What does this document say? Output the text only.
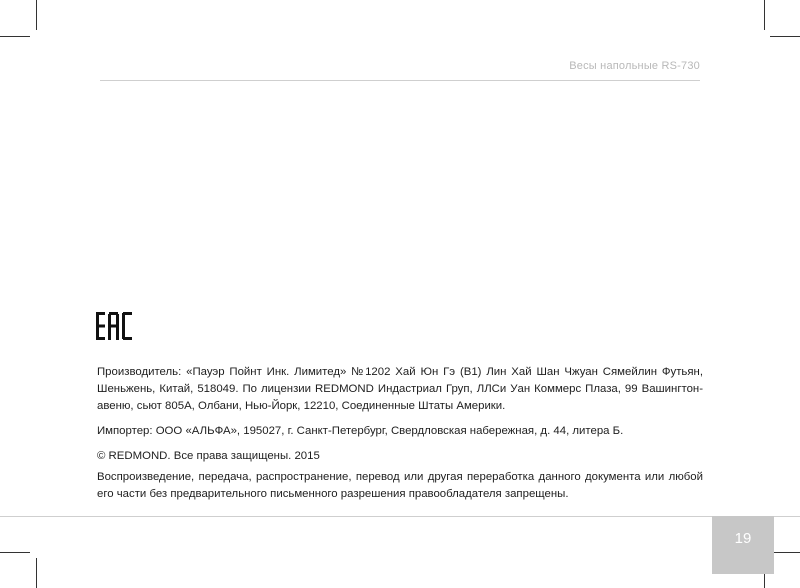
Весы напольные RS-730

Производитель: «Пауэр Пойнт Инк. Лимитед» №1202 Хай Юн Гэ (В1) Лин Хай Шан Чжуан Сямейлин Футьян, Шеньжень, Китай, 518049. По лицензии REDMOND Индастриал Груп, ЛЛСи Уан Коммерс Плаза, 99 Вашингтон-авеню, сьют 805А, Олбани, Нью-Йорк, 12210, Соединенные Штаты Америки.

Импортер: ООО «АЛЬФА», 195027, г. Санкт-Петербург, Свердловская набережная, д. 44, литера Б.

© REDMOND. Все права защищены. 2015

Воспроизведение, передача, распространение, перевод или другая переработка данного документа или любой его части без предварительного письменного разрешения правообладателя запрещены.

19
